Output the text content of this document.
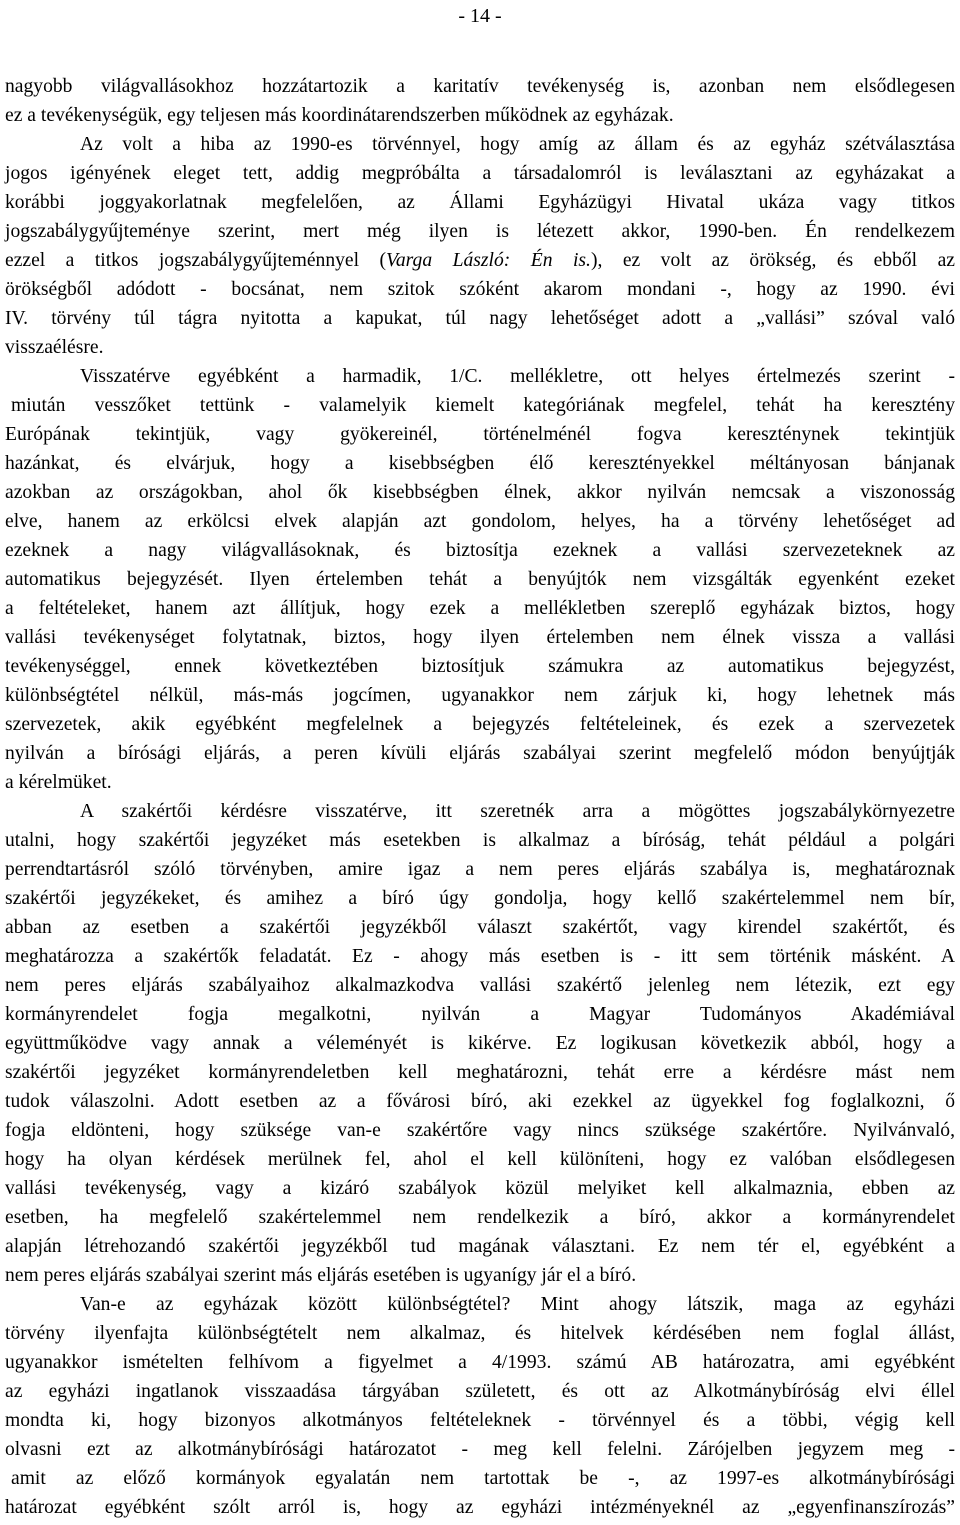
- 14 -

nagyobb világvallásokhoz hozzátartozik a karitatív tevékenység is, azonban nem elsődlegesen
ez a tevékenységük, egy teljesen más koordinátarendszerben működnek az egyházak.

Az volt a hiba az 1990-es törvénnyel, hogy amíg az állam és az egyház szétválasztása
jogos igényének eleget tett, addig megpróbálta a társadalomról is leválasztani az egyházakat a
korábbi joggyakorlatnak megfelelően, az Állami Egyházügyi Hivatal ukáza vagy titkos
jogszabálygyűjteménye szerint, mert még ilyen is létezett akkor, 1990-ben. Én rendelkezem
ezzel a titkos jogszabálygyűjteménnyel (Varga László: Én is.), ez volt az örökség, és ebből az
örökségből adódott - bocsánat, nem szitok szóként akarom mondani -, hogy az 1990. évi
IV. törvény túl tágra nyitotta a kapukat, túl nagy lehetőséget adott a „vallási” szóval való
visszaélésre.

Visszatérve egyébként a harmadik, 1/C. mellékletre, ott helyes értelmezés szerint -
miután vesszőket tettünk - valamelyik kiemelt kategóriának megfelel, tehát ha keresztény
Európának tekintjük, vagy gyökereinél, történelménél fogva kereszténynek tekintjük
hazánkat, és elvárjuk, hogy a kisebbségben élő keresztényekkel méltányosan bánjanak
azokban az országokban, ahol ők kisebbségben élnek, akkor nyilván nemcsak a viszonosság
elve, hanem az erkölcsi elvek alapján azt gondolom, helyes, ha a törvény lehetőséget ad
ezeknek a nagy világvallásoknak, és biztosítja ezeknek a vallási szervezeteknek az
automatikus bejegyzését. Ilyen értelemben tehát a benyújtók nem vizsgálták egyenként ezeket
a feltételeket, hanem azt állítjuk, hogy ezek a mellékletben szereplő egyházak biztos, hogy
vallási tevékenységet folytatnak, biztos, hogy ilyen értelemben nem élnek vissza a vallási
tevékenységgel, ennek következtében biztosítjuk számukra az automatikus bejegyzést,
különbségtétel nélkül, más-más jogcímen, ugyanakkor nem zárjuk ki, hogy lehetnek más
szervezetek, akik egyébként megfelelnek a bejegyzés feltételeinek, és ezek a szervezetek
nyilván a bírósági eljárás, a peren kívüli eljárás szabályai szerint megfelelő módon benyújtják
a kérelmüket.

A szakértői kérdésre visszatérve, itt szeretnék arra a mögöttes jogszabálykörnyezetre
utalni, hogy szakértői jegyzéket más esetekben is alkalmaz a bíróság, tehát például a polgári
perrendtartásról szóló törvényben, amire igaz a nem peres eljárás szabálya is, meghatároznak
szakértői jegyzékeket, és amihez a bíró úgy gondolja, hogy kellő szakértelemmel nem bír,
abban az esetben a szakértői jegyzékből választ szakértőt, vagy kirendel szakértőt, és
meghatározza a szakértők feladatát. Ez - ahogy más esetben is - itt sem történik másként. A
nem peres eljárás szabályaihoz alkalmazkodva vallási szakértő jelenleg nem létezik, ezt egy
kormányrendelet fogja megalkotni, nyilván a Magyar Tudományos Akadémiával
együttműködve vagy annak a véleményét is kikérve. Ez logikusan következik abból, hogy a
szakértői jegyzéket kormányrendeletben kell meghatározni, tehát erre a kérdésre mást nem
tudok válaszolni. Adott esetben az a fővárosi bíró, aki ezekkel az ügyekkel fog foglalkozni, ő
fogja eldönteni, hogy szüksége van-e szakértőre vagy nincs szüksége szakértőre. Nyilvánvaló,
hogy ha olyan kérdések merülnek fel, ahol el kell különíteni, hogy ez valóban elsődlegesen
vallási tevékenység, vagy a kizáró szabályok közül melyiket kell alkalmaznia, ebben az
esetben, ha megfelelő szakértelemmel nem rendelkezik a bíró, akkor a kormányrendelet
alapján létrehozandó szakértői jegyzékből tud magának választani. Ez nem tér el, egyébként a
nem peres eljárás szabályai szerint más eljárás esetében is ugyanígy jár el a bíró.

Van-e az egyházak között különbségtétel? Mint ahogy látszik, maga az egyházi
törvény ilyenfajta különbségtételt nem alkalmaz, és hitelvek kérdésében nem foglal állást,
ugyanakkor ismételten felhívom a figyelmet a 4/1993. számú AB határozatra, ami egyébként
az egyházi ingatlanok visszaadása tárgyában született, és ott az Alkotmánybíróság elvi éllel
mondta ki, hogy bizonyos alkotmányos feltételeknek - törvénnyel és a többi, végig kell
olvasni ezt az alkotmánybírósági határozatot - meg kell felelni. Zárójelben jegyzem meg -
amit az előző kormányok egyalatán nem tartottak be -, az 1997-es alkotmánybírósági
határozat egyébként szólt arról is, hogy az egyházi intézményeknél az „egyenfinanszírozás”
